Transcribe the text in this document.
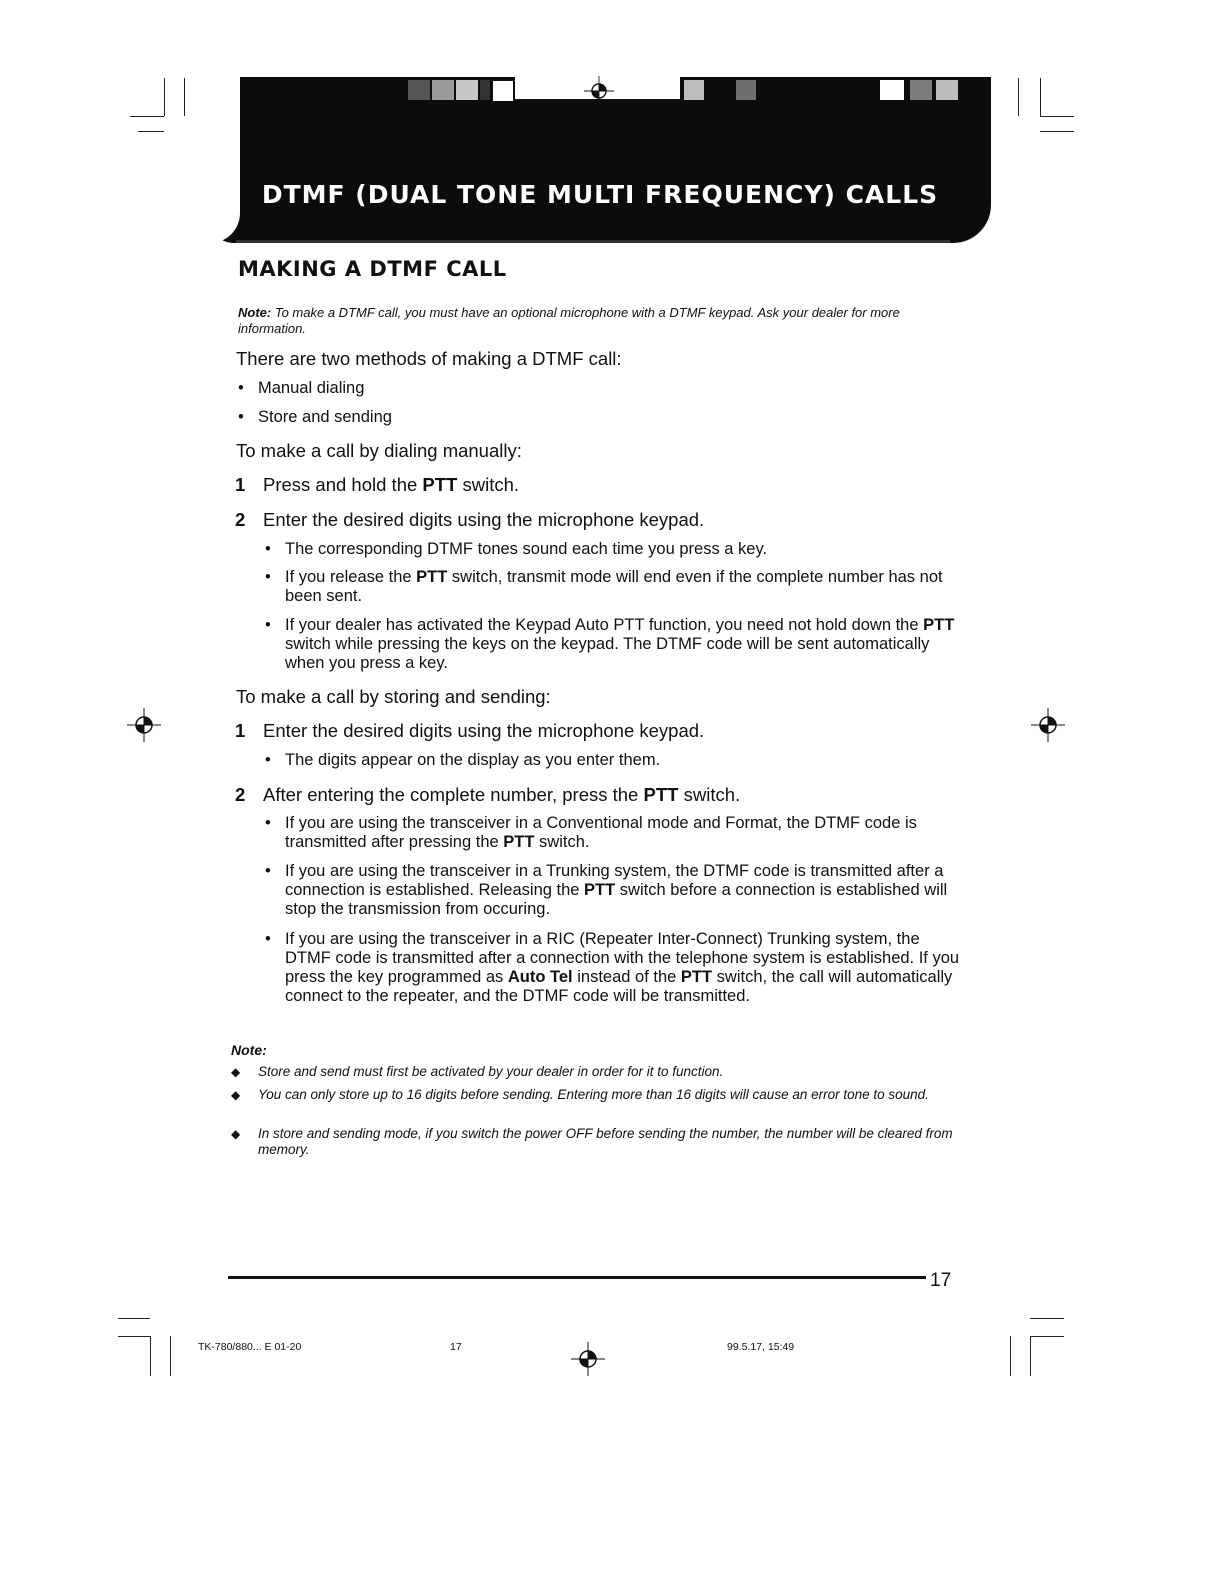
DTMF (DUAL TONE MULTI FREQUENCY) CALLS
MAKING A DTMF CALL
Note: To make a DTMF call, you must have an optional microphone with a DTMF keypad. Ask your dealer for more information.
There are two methods of making a DTMF call:
• Manual dialing
• Store and sending
To make a call by dialing manually:
1 Press and hold the PTT switch.
2 Enter the desired digits using the microphone keypad.
• The corresponding DTMF tones sound each time you press a key.
• If you release the PTT switch, transmit mode will end even if the complete number has not been sent.
• If your dealer has activated the Keypad Auto PTT function, you need not hold down the PTT switch while pressing the keys on the keypad. The DTMF code will be sent automatically when you press a key.
To make a call by storing and sending:
1 Enter the desired digits using the microphone keypad.
• The digits appear on the display as you enter them.
2 After entering the complete number, press the PTT switch.
• If you are using the transceiver in a Conventional mode and Format, the DTMF code is transmitted after pressing the PTT switch.
• If you are using the transceiver in a Trunking system, the DTMF code is transmitted after a connection is established. Releasing the PTT switch before a connection is established will stop the transmission from occuring.
• If you are using the transceiver in a RIC (Repeater Inter-Connect) Trunking system, the DTMF code is transmitted after a connection with the telephone system is established. If you press the key programmed as Auto Tel instead of the PTT switch, the call will automatically connect to the repeater, and the DTMF code will be transmitted.
Note:
◆ Store and send must first be activated by your dealer in order for it to function.
◆ You can only store up to 16 digits before sending. Entering more than 16 digits will cause an error tone to sound.
◆ In store and sending mode, if you switch the power OFF before sending the number, the number will be cleared from memory.
17
TK-780/880... E 01-20	17	99.5.17, 15:49
